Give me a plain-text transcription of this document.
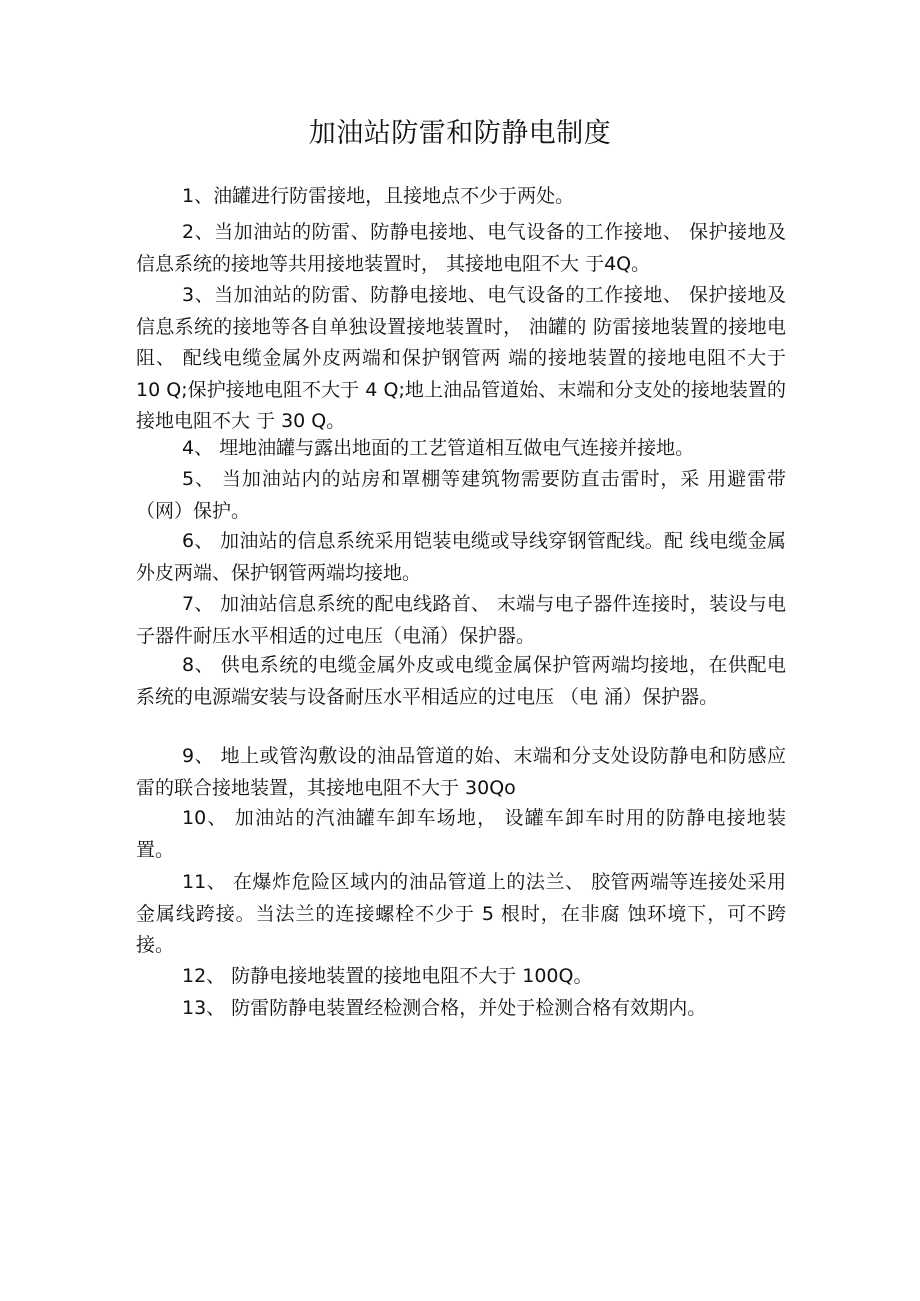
加油站防雷和防静电制度
1、油罐进行防雷接地，且接地点不少于两处。
2、当加油站的防雷、防静电接地、电气设备的工作接地、 保护接地及信息系统的接地等共用接地装置时， 其接地电阻不大 于4Q。
3、当加油站的防雷、防静电接地、电气设备的工作接地、 保护接地及信息系统的接地等各自单独设置接地装置时， 油罐的 防雷接地装置的接地电阻、 配线电缆金属外皮两端和保护钢管两 端的接地装置的接地电阻不大于 10 Q;保护接地电阻不大于 4 Q;地上油品管道始、末端和分支处的接地装置的接地电阻不大 于 30 Q。
4、 埋地油罐与露出地面的工艺管道相互做电气连接并接地。
5、 当加油站内的站房和罩棚等建筑物需要防直击雷时，采 用避雷带（网）保护。
6、 加油站的信息系统采用铠装电缆或导线穿钢管配线。配 线电缆金属外皮两端、保护钢管两端均接地。
7、 加油站信息系统的配电线路首、 末端与电子器件连接时，装设与电子器件耐压水平相适的过电压（电涌）保护器。
8、 供电系统的电缆金属外皮或电缆金属保护管两端均接地，在供配电系统的电源端安装与设备耐压水平相适应的过电压 （电 涌）保护器。
9、 地上或管沟敷设的油品管道的始、末端和分支处设防静电和防感应雷的联合接地装置，其接地电阻不大于 30Qo
10、 加油站的汽油罐车卸车场地， 设罐车卸车时用的防静电接地装置。
11、 在爆炸危险区域内的油品管道上的法兰、 胶管两端等连接处采用金属线跨接。当法兰的连接螺栓不少于 5 根时，在非腐 蚀环境下，可不跨接。
12、 防静电接地装置的接地电阻不大于 100Q。
13、 防雷防静电装置经检测合格，并处于检测合格有效期内。
